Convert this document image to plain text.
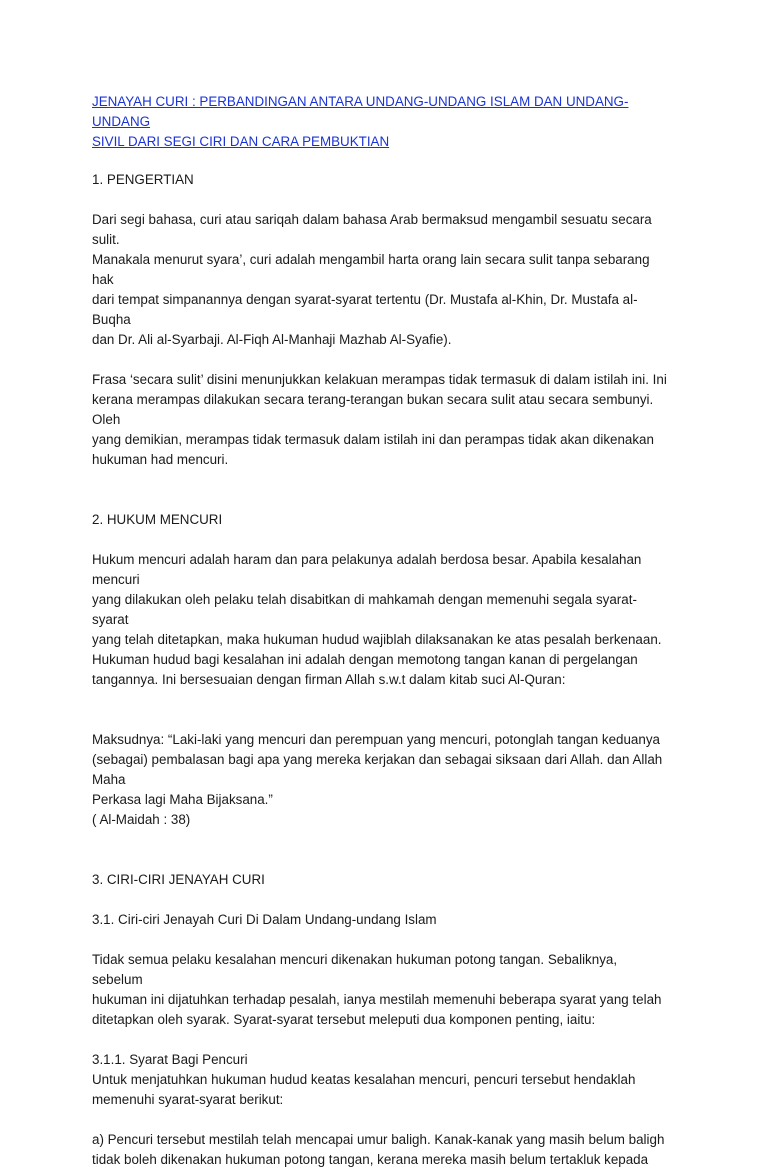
JENAYAH CURI : PERBANDINGAN ANTARA UNDANG-UNDANG ISLAM DAN UNDANG-UNDANG
SIVIL DARI SEGI CIRI DAN CARA PEMBUKTIAN

1. PENGERTIAN

Dari segi bahasa, curi atau sariqah dalam bahasa Arab bermaksud mengambil sesuatu secara sulit.
Manakala menurut syara’, curi adalah mengambil harta orang lain secara sulit tanpa sebarang hak
dari tempat simpanannya dengan syarat-syarat tertentu (Dr. Mustafa al-Khin, Dr. Mustafa al-Buqha
dan Dr. Ali al-Syarbaji. Al-Fiqh Al-Manhaji Mazhab Al-Syafie).

Frasa ‘secara sulit’ disini menunjukkan kelakuan merampas tidak termasuk di dalam istilah ini. Ini
kerana merampas dilakukan secara terang-terangan bukan secara sulit atau secara sembunyi. Oleh
yang demikian, merampas tidak termasuk dalam istilah ini dan perampas tidak akan dikenakan
hukuman had mencuri.

2. HUKUM MENCURI

Hukum mencuri adalah haram dan para pelakunya adalah berdosa besar. Apabila kesalahan mencuri
yang dilakukan oleh pelaku telah disabitkan di mahkamah dengan memenuhi segala syarat-syarat
yang telah ditetapkan, maka hukuman hudud wajiblah dilaksanakan ke atas pesalah berkenaan.
Hukuman hudud bagi kesalahan ini adalah dengan memotong tangan kanan di pergelangan
tangannya. Ini bersesuaian dengan firman Allah s.w.t dalam kitab suci Al-Quran:

Maksudnya: “Laki-laki yang mencuri dan perempuan yang mencuri, potonglah tangan keduanya
(sebagai) pembalasan bagi apa yang mereka kerjakan dan sebagai siksaan dari Allah. dan Allah Maha
Perkasa lagi Maha Bijaksana.”
( Al-Maidah : 38)

3. CIRI-CIRI JENAYAH CURI

3.1. Ciri-ciri Jenayah Curi Di Dalam Undang-undang Islam

Tidak semua pelaku kesalahan mencuri dikenakan hukuman potong tangan. Sebaliknya, sebelum
hukuman ini dijatuhkan terhadap pesalah, ianya mestilah memenuhi beberapa syarat yang telah
ditetapkan oleh syarak. Syarat-syarat tersebut meleputi dua komponen penting, iaitu:

3.1.1. Syarat Bagi Pencuri

Untuk menjatuhkan hukuman hudud keatas kesalahan mencuri, pencuri tersebut hendaklah
memenuhi syarat-syarat berikut:

a) Pencuri tersebut mestilah telah mencapai umur baligh. Kanak-kanak yang masih belum baligh
tidak boleh dikenakan hukuman potong tangan, kerana mereka masih belum tertakluk kepada
